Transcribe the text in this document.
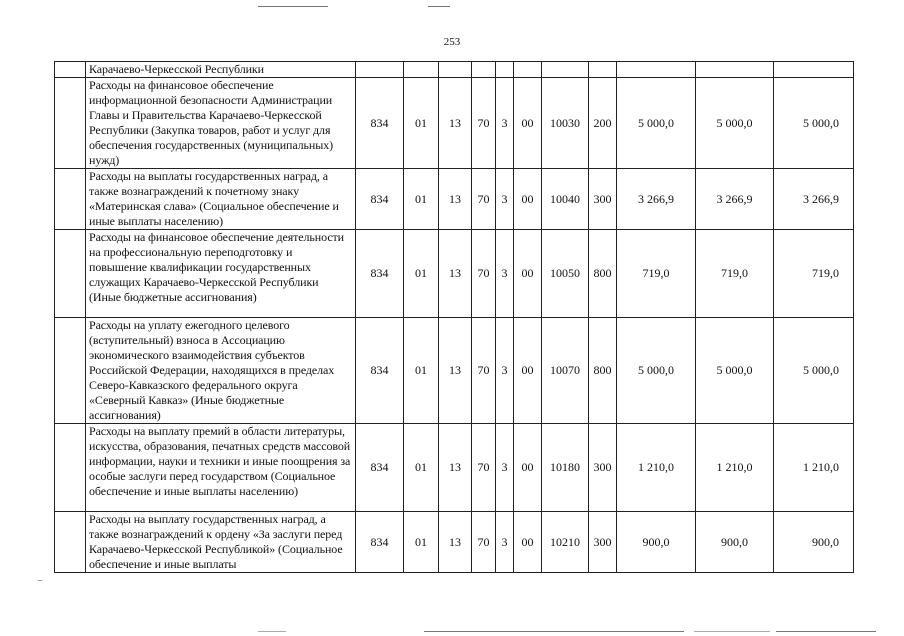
253
	Карачаево-Черкесской Республики											
	Расходы на финансовое обеспечение информационной безопасности Администрации Главы и Правительства Карачаево-Черкесской Республики (Закупка товаров, работ и услуг для обеспечения государственных (муниципальных) нужд)	834	01	13	70	3	00	10030	200	5 000,0	5 000,0	5 000,0
	Расходы на выплаты государственных наград, а также вознаграждений к почетному знаку «Материнская слава» (Социальное обеспечение и иные выплаты населению)	834	01	13	70	3	00	10040	300	3 266,9	3 266,9	3 266,9
	Расходы на финансовое обеспечение деятельности на профессиональную переподготовку и повышение квалификации государственных служащих Карачаево-Черкесской Республики (Иные бюджетные ассигнования)	834	01	13	70	3	00	10050	800	719,0	719,0	719,0
	Расходы на уплату ежегодного целевого (вступительный) взноса в Ассоциацию экономического взаимодействия субъектов Российской Федерации, находящихся в пределах Северо-Кавказского федерального округа «Северный Кавказ» (Иные бюджетные ассигнования)	834	01	13	70	3	00	10070	800	5 000,0	5 000,0	5 000,0
	Расходы на выплату премий в области литературы, искусства, образования, печатных средств массовой информации, науки и техники и иные поощрения за особые заслуги перед государством (Социальное обеспечение и иные выплаты населению)	834	01	13	70	3	00	10180	300	1 210,0	1 210,0	1 210,0
	Расходы на выплату государственных наград, а также вознаграждений к ордену «За заслуги перед Карачаево-Черкесской Республикой» (Социальное обеспечение и иные выплаты	834	01	13	70	3	00	10210	300	900,0	900,0	900,0
